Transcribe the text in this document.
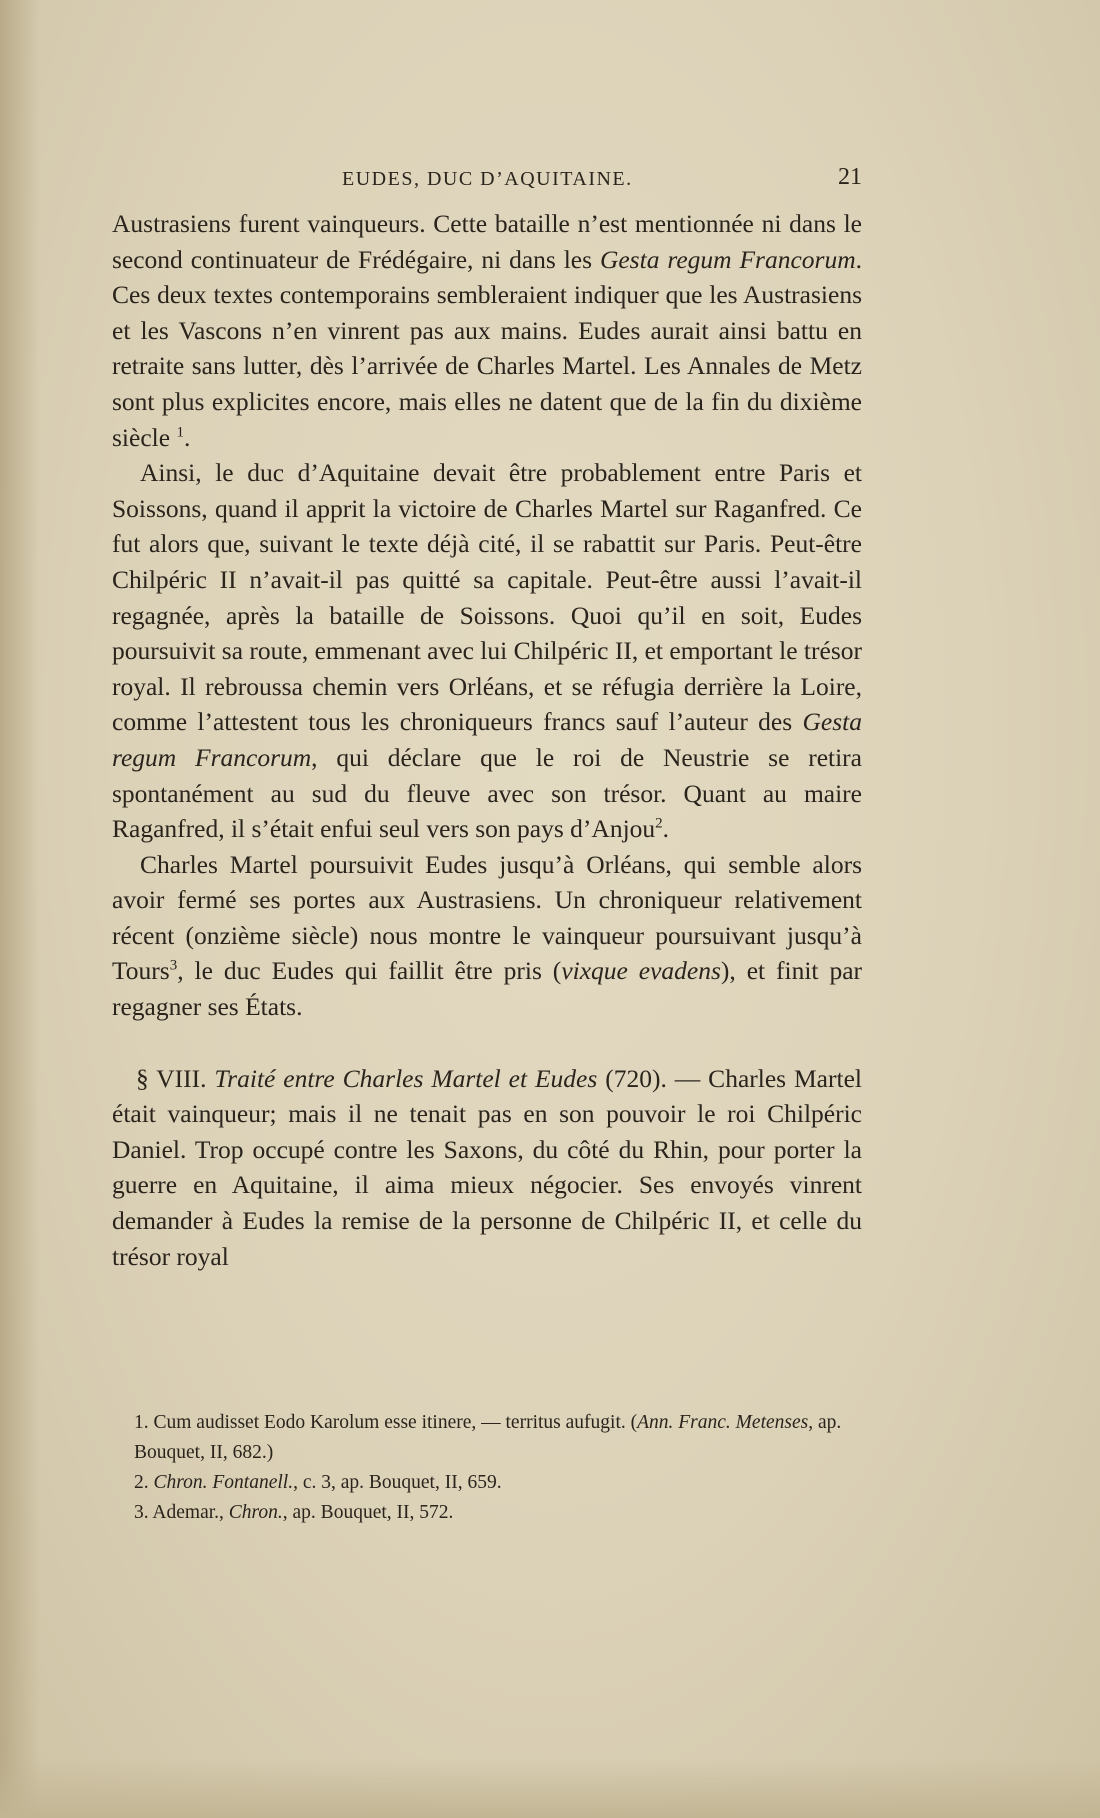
EUDES, DUC D’AQUITAINE.	21

Austrasiens furent vainqueurs. Cette bataille n’est mentionnée ni dans le second continuateur de Frédégaire, ni dans les Gesta regum Francorum. Ces deux textes contemporains sembleraient indiquer que les Austrasiens et les Vascons n’en vinrent pas aux mains. Eudes aurait ainsi battu en retraite sans lutter, dès l’arrivée de Charles Martel. Les Annales de Metz sont plus explicites encore, mais elles ne datent que de la fin du dixième siècle $^1$.

Ainsi, le duc d’Aquitaine devait être probablement entre Paris et Soissons, quand il apprit la victoire de Charles Martel sur Raganfred. Ce fut alors que, suivant le texte déjà cité, il se rabattit sur Paris. Peut-être Chilpéric II n’avait-il pas quitté sa capitale. Peut-être aussi l’avait-il regagnée, après la bataille de Soissons. Quoi qu’il en soit, Eudes poursuivit sa route, emmenant avec lui Chilpéric II, et emportant le trésor royal. Il rebroussa chemin vers Orléans, et se réfugia derrière la Loire, comme l’attestent tous les chroniqueurs francs sauf l’auteur des Gesta regum Francorum, qui déclare que le roi de Neustrie se retira spontanément au sud du fleuve avec son trésor. Quant au maire Raganfred, il s’était enfui seul vers son pays d’Anjou$^2$.

Charles Martel poursuivit Eudes jusqu’à Orléans, qui semble alors avoir fermé ses portes aux Austrasiens. Un chroniqueur relativement récent (onzième siècle) nous montre le vainqueur poursuivant jusqu’à Tours$^3$, le duc Eudes qui faillit être pris (vixque evadens), et finit par regagner ses États.

§ VIII. Traité entre Charles Martel et Eudes (720). — Charles Martel était vainqueur; mais il ne tenait pas en son pouvoir le roi Chilpéric Daniel. Trop occupé contre les Saxons, du côté du Rhin, pour porter la guerre en Aquitaine, il aima mieux négocier. Ses envoyés vinrent demander à Eudes la remise de la personne de Chilpéric II, et celle du trésor royal

1. Cum audisset Eodo Karolum esse itinere, — territus aufugit. (Ann. Franc. Metenses, ap. Bouquet, II, 682.)

2. Chron. Fontanell., c. 3, ap. Bouquet, II, 659.

3. Ademar., Chron., ap. Bouquet, II, 572.
